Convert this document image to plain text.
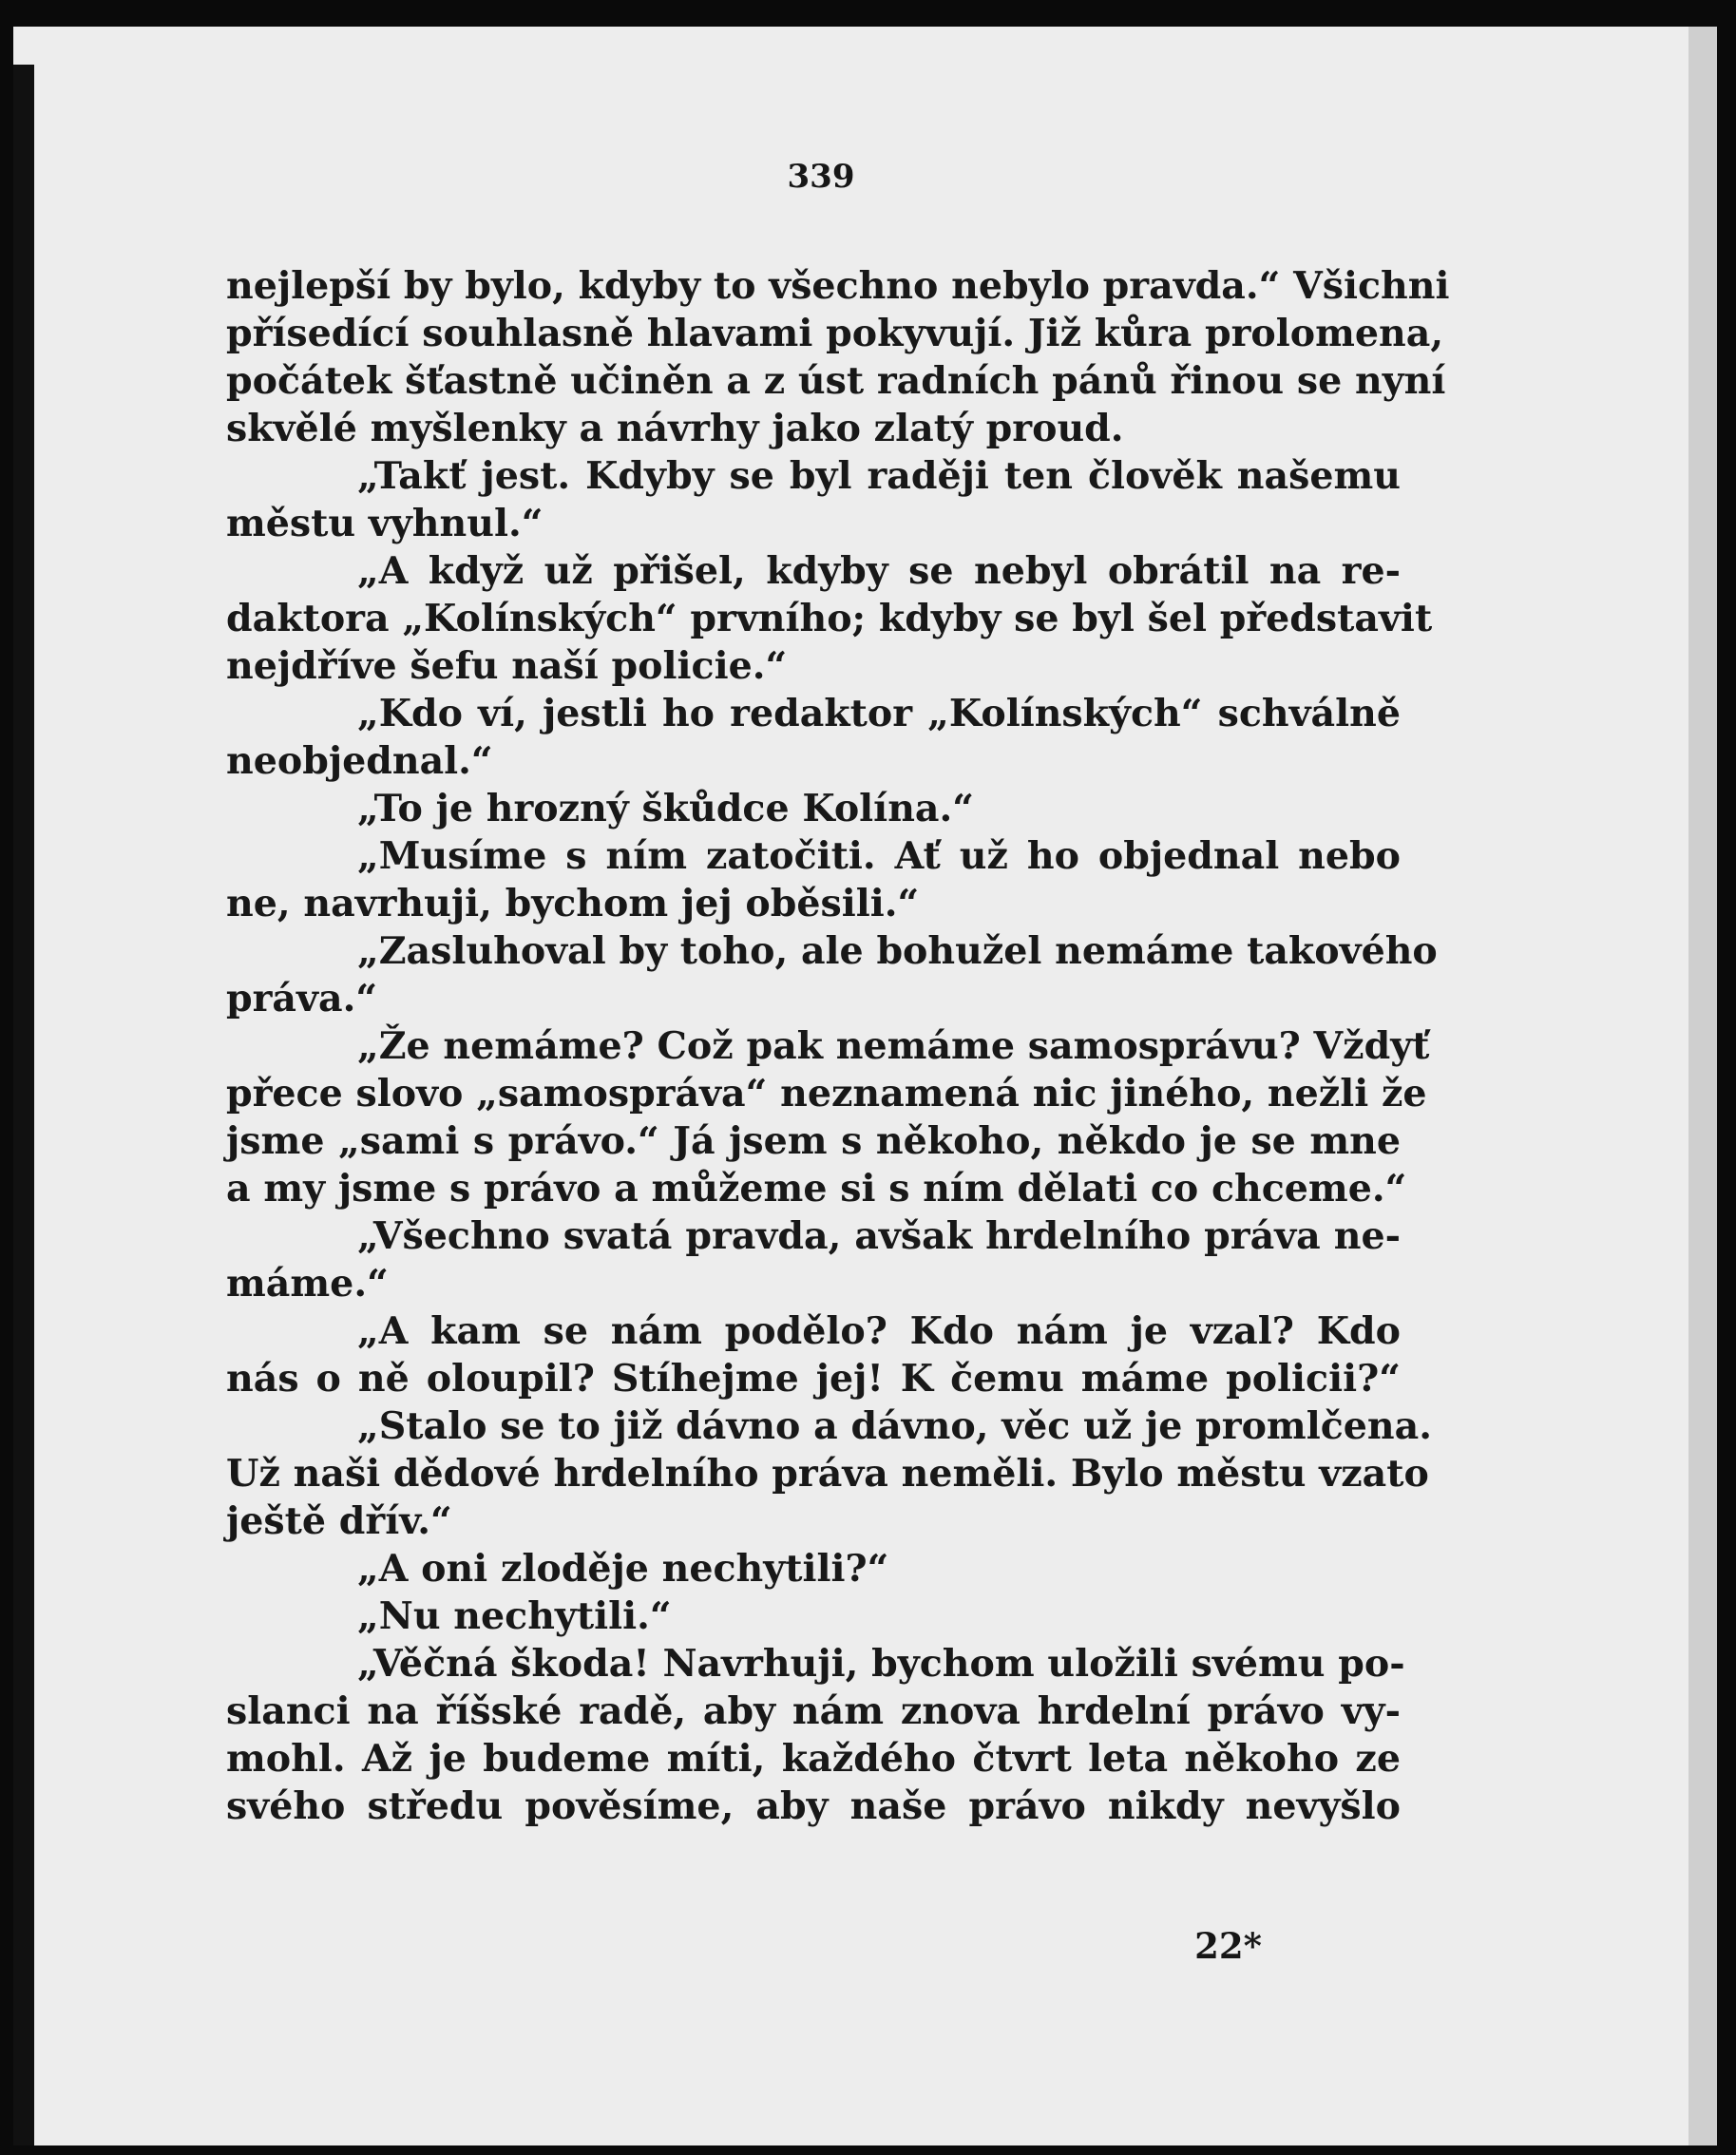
339
nejlepší by bylo, kdyby to všechno nebylo pravda.“ Všichni
přísedící souhlasně hlavami pokyvují. Již kůra prolomena,
počátek šťastně učiněn a z úst radních pánů řinou se nyní
skvělé myšlenky a návrhy jako zlatý proud.
„Takť jest. Kdyby se byl raději ten člověk našemu
městu vyhnul.“
„A když už přišel, kdyby se nebyl obrátil na re-
daktora „Kolínských“ prvního; kdyby se byl šel představit
nejdříve šefu naší policie.“
„Kdo ví, jestli ho redaktor „Kolínských“ schválně
neobjednal.“
„To je hrozný škůdce Kolína.“
„Musíme s ním zatočiti. Ať už ho objednal nebo
ne, navrhuji, bychom jej oběsili.“
„Zasluhoval by toho, ale bohužel nemáme takového
práva.“
„Že nemáme? Což pak nemáme samosprávu? Vždyť
přece slovo „samospráva“ neznamená nic jiného, nežli že
jsme „sami s právo.“ Já jsem s někoho, někdo je se mne
a my jsme s právo a můžeme si s ním dělati co chceme.“
„Všechno svatá pravda, avšak hrdelního práva ne-
máme.“
„A kam se nám podělo? Kdo nám je vzal? Kdo
nás o ně oloupil? Stíhejme jej! K čemu máme policii?“
„Stalo se to již dávno a dávno, věc už je promlčena.
Už naši dědové hrdelního práva neměli. Bylo městu vzato
ještě dřív.“
„A oni zloděje nechytili?“
„Nu nechytili.“
„Věčná škoda! Navrhuji, bychom uložili svému po-
slanci na říšské radě, aby nám znova hrdelní právo vy-
mohl. Až je budeme míti, každého čtvrt leta někoho ze
svého středu pověsíme, aby naše právo nikdy nevyšlo
22*
